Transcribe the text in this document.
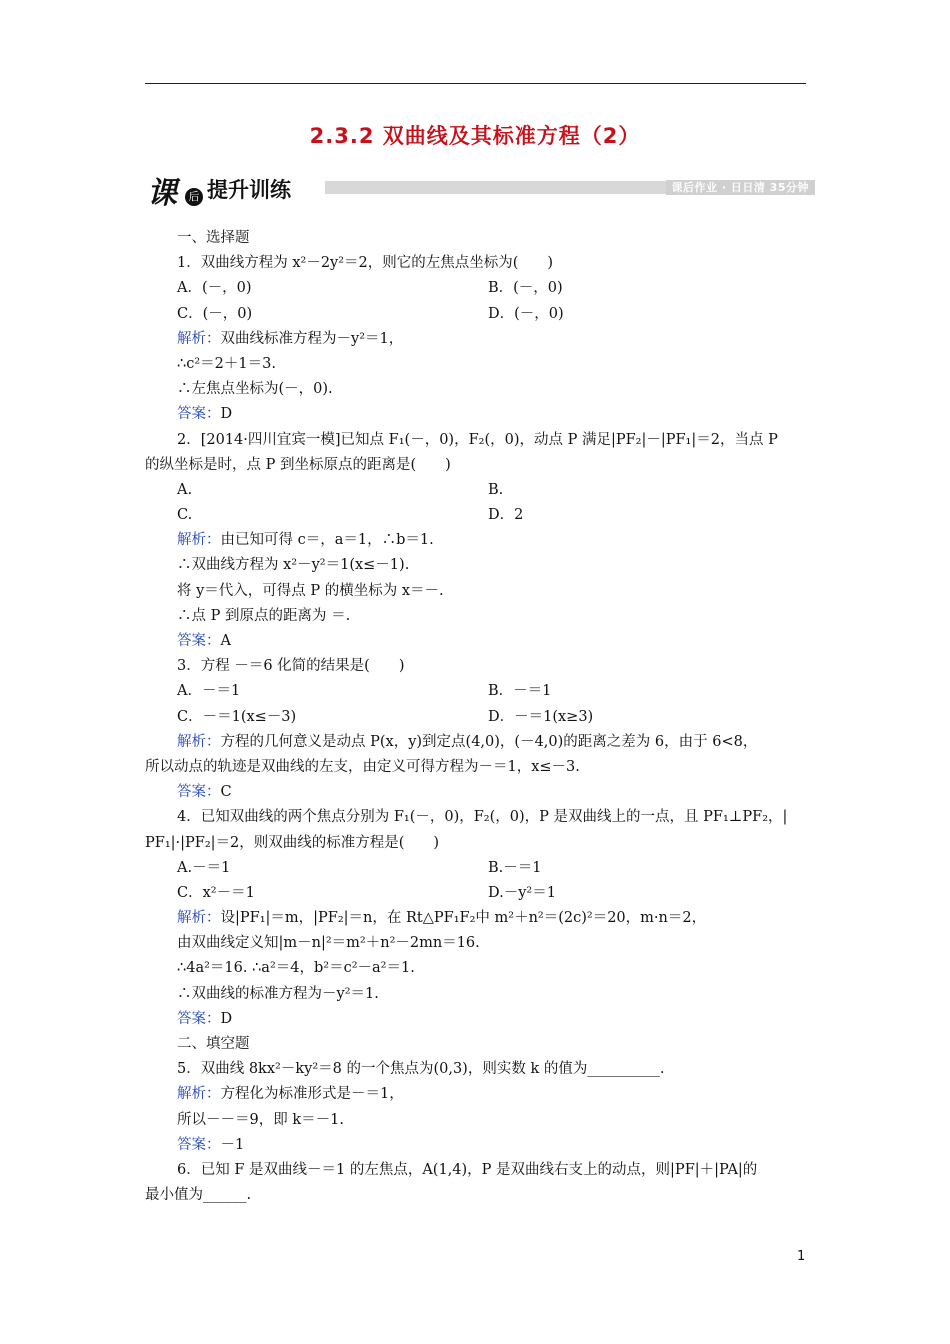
2.3.2 双曲线及其标准方程（2）
课	后 提升训练	课后作业 · 日日清 35分钟
一、选择题
1．双曲线方程为 x²－2y²＝2，则它的左焦点坐标为(　　)
A．(－，0)	B．(－，0)
C．(－，0)	D．(－，0)
解析：双曲线标准方程为－y²＝1，
∴c²＝2＋1＝3.
∴左焦点坐标为(－，0).
答案：D
2．[2014·四川宜宾一模]已知点 F₁(－，0)，F₂(，0)，动点 P 满足|PF₂|－|PF₁|＝2，当点 P
的纵坐标是时，点 P 到坐标原点的距离是(　　)
A.	B.
C.	D．2
解析：由已知可得 c＝，a＝1，∴b＝1.
∴双曲线方程为 x²－y²＝1(x≤－1).
将 y＝代入，可得点 P 的横坐标为 x＝－.
∴点 P 到原点的距离为 ＝.
答案：A
3．方程 －＝6 化简的结果是(　　)
A．－＝1	B．－＝1
C．－＝1(x≤－3)	D．－＝1(x≥3)
解析：方程的几何意义是动点 P(x，y)到定点(4,0)，(－4,0)的距离之差为 6，由于 6<8，
所以动点的轨迹是双曲线的左支，由定义可得方程为－＝1，x≤－3.
答案：C
4．已知双曲线的两个焦点分别为 F₁(－，0)，F₂(，0)，P 是双曲线上的一点，且 PF₁⊥PF₂，|
PF₁|·|PF₂|＝2，则双曲线的标准方程是(　　)
A.－＝1	B.－＝1
C．x²－＝1	D.－y²＝1
解析：设|PF₁|＝m，|PF₂|＝n，在 Rt△PF₁F₂中 m²＋n²＝(2c)²＝20，m·n＝2，
由双曲线定义知|m－n|²＝m²＋n²－2mn＝16.
∴4a²＝16. ∴a²＝4，b²＝c²－a²＝1.
∴双曲线的标准方程为－y²＝1.
答案：D
二、填空题
5．双曲线 8kx²－ky²＝8 的一个焦点为(0,3)，则实数 k 的值为__________.
解析：方程化为标准形式是－＝1，
所以－－＝9，即 k＝－1.
答案：－1
6．已知 F 是双曲线－＝1 的左焦点，A(1,4)，P 是双曲线右支上的动点，则|PF|＋|PA|的
最小值为______.
1
